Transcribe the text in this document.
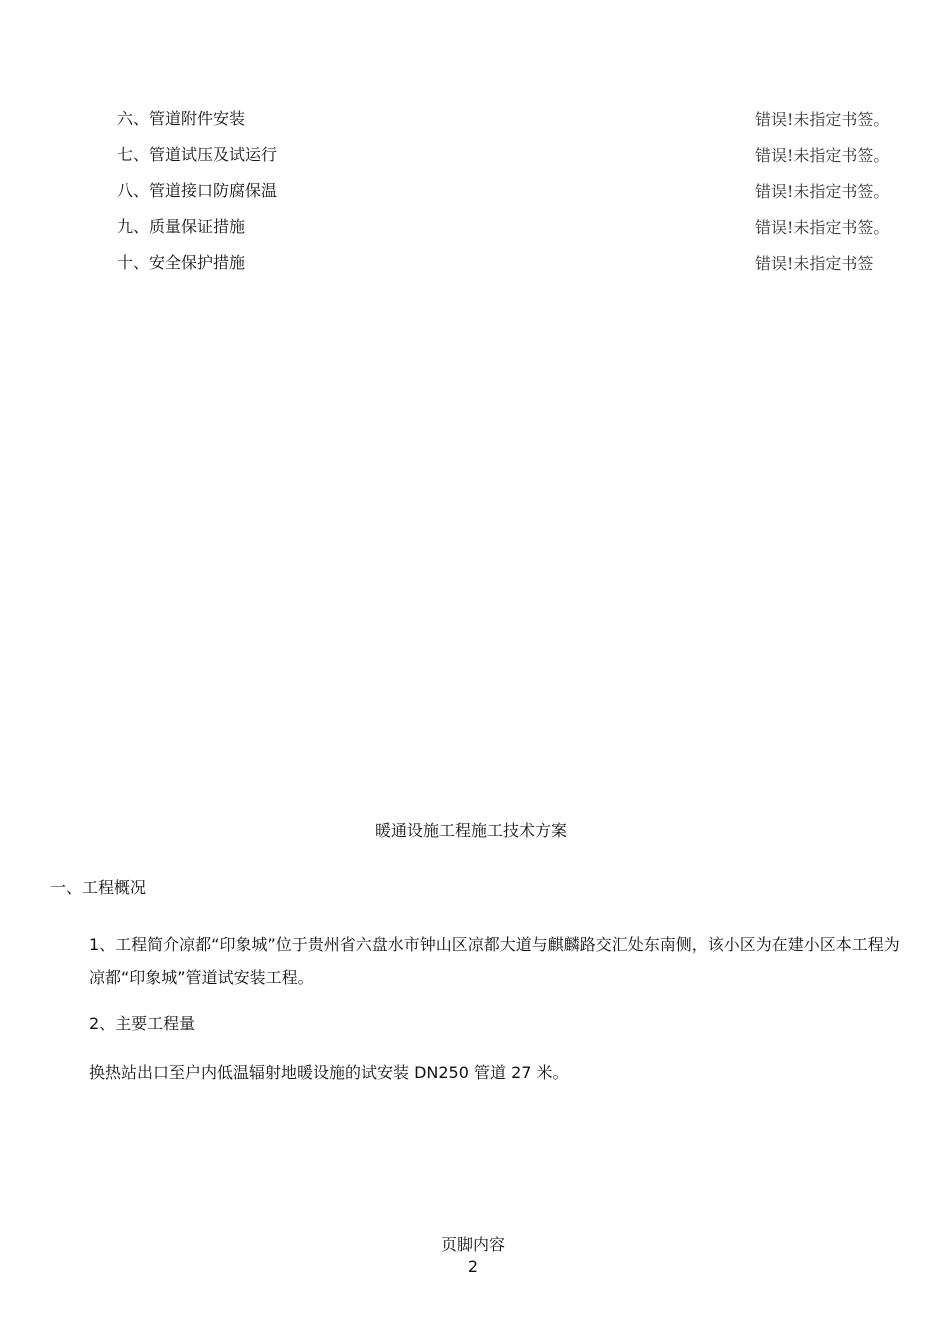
六、管道附件安装	错误!未指定书签。
七、管道试压及试运行	错误!未指定书签。
八、管道接口防腐保温	错误!未指定书签。
九、质量保证措施	错误!未指定书签。
十、安全保护措施	错误!未指定书签
暖通设施工程施工技术方案
一、工程概况

1、工程简介凉都“印象城”位于贵州省六盘水市钟山区凉都大道与麒麟路交汇处东南侧，该小区为在建小区本工程为凉都“印象城”管道试安装工程。

2、主要工程量

换热站出口至户内低温辐射地暖设施的试安装 DN250 管道 27 米。

页脚内容
2
